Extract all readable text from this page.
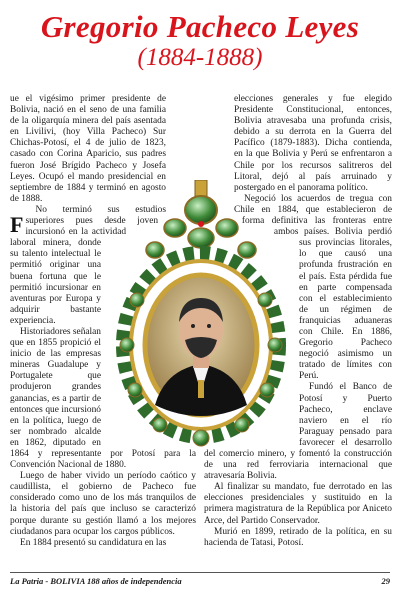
Gregorio Pacheco Leyes
(1884-1888)
F

ue el vigésimo primer presidente de Bolivia, nació en el seno de una familia de la oligarquía minera del país asentada en Livilivi, (hoy Villa Pacheco) Sur Chichas-Potosí, el 4 de julio de 1823, casado con Corina Aparicio, sus padres fueron José Brígido Pacheco y Josefa Leyes. Ocupó el mando presidencial en septiembre de 1884 y terminó en agosto de 1888.

No terminó sus estudios superiores pues desde joven incursionó en la actividad laboral minera, donde su talento intelectual le permitió originar una buena fortuna que le permitió incursionar en aventuras por Europa y adquirir bastante experiencia.

Historiadores señalan que en 1855 propició el inicio de las empresas mineras Guadalupe y Portugalete que produjeron grandes ganancias, es a partir de entonces que incursionó en la política, luego de ser nombrado alcalde en 1862, diputado en 1864 y representante por Potosí para la Convención Nacional de 1880.

Luego de haber vivido un período caótico y caudillista, el gobierno de Pacheco fue considerado como uno de los más tranquilos de la historia del país que incluso se caracterizó porque durante su gestión llamó a los mejores ciudadanos para ocupar los cargos públicos.

En 1884 presentó su candidatura en las

elecciones generales y fue elegido Presidente Constitucional, entonces, Bolivia atravesaba una profunda crisis, debido a su derrota en la Guerra del Pacífico (1879-1883). Dicha contienda, en la que Bolivia y Perú se enfrentaron a Chile por los recursos salitreros del Litoral, dejó al país arruinado y postergado en el panorama político.

Negoció los acuerdos de tregua con Chile en 1884, que establecieron de forma definitiva las fronteras entre ambos países. Bolivia perdió sus provincias litorales, lo que causó una profunda frustración en el país. Esta pérdida fue en parte compensada con el establecimiento de un régimen de franquicias aduaneras con Chile. En 1886, Gregorio Pacheco negoció asimismo un tratado de límites con Perú.

Fundó el Banco de Potosí y Puerto Pacheco, enclave naviero en el río Paraguay pensado para favorecer el desarrollo del comercio minero, y fomentó la construcción de una red ferroviaria internacional que atravesaría Bolivia.

Al finalizar su mandato, fue derrotado en las elecciones presidenciales y sustituido en la primera magistratura de la República por Aniceto Arce, del Partido Conservador.

Murió en 1899, retirado de la política, en su hacienda de Tatasi, Potosí.

La Patria - BOLIVIA 188 años de independencia	29
